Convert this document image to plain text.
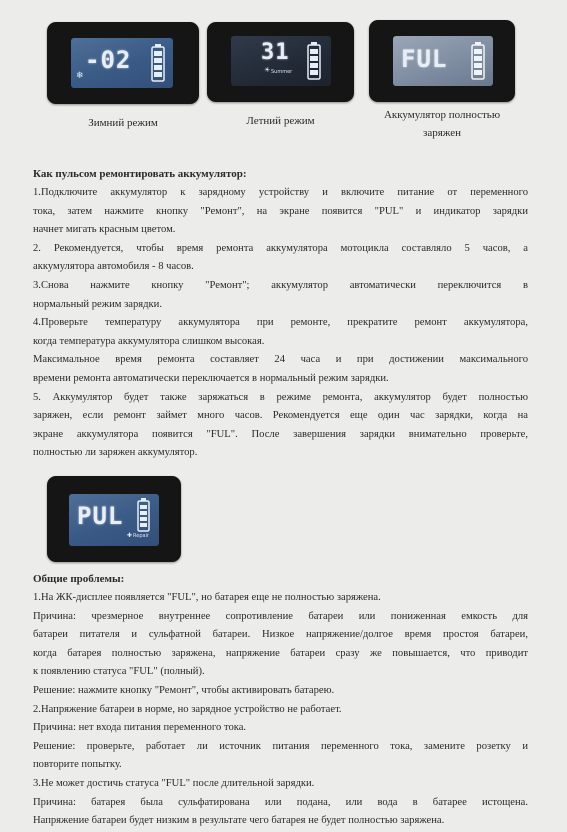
❄
-02
Зимний режим
31
☀ Summer
Летний режим
FUL
Аккумулятор полностью
заряжен
Как пульсом ремонтировать аккумулятор:
1.Подключите аккумулятор к зарядному устройству и включите питание от переменного
тока, затем нажмите кнопку "Ремонт", на экране появится "PUL" и индикатор зарядки
начнет мигать красным цветом.
2. Рекомендуется, чтобы время ремонта аккумулятора мотоцикла составляло 5 часов, а
аккумулятора автомобиля - 8 часов.
3.Снова нажмите кнопку "Ремонт"; аккумулятор автоматически переключится в
нормальный режим зарядки.
4.Проверьте температуру аккумулятора при ремонте, прекратите ремонт аккумулятора,
когда температура аккумулятора слишком высокая.
Максимальное время ремонта составляет 24 часа и при достижении максимального
времени ремонта автоматически переключается в нормальный режим зарядки.
5. Аккумулятор будет также заряжаться в режиме ремонта, аккумулятор будет полностью
заряжен, если ремонт займет много часов. Рекомендуется еще один час зарядки, когда на
экране аккумулятора появится "FUL". После завершения зарядки внимательно проверьте,
полностью ли заряжен аккумулятор.
PUL
✚ Repair
Общие проблемы:
1.На ЖК-дисплее появляется "FUL", но батарея еще не полностью заряжена.
Причина: чрезмерное внутреннее сопротивление батареи или пониженная емкость для
батареи питателя и сульфатной батареи. Низкое напряжение/долгое время простоя батареи,
когда батарея полностью заряжена, напряжение батареи сразу же повышается, что приводит
к появлению статуса "FUL" (полный).
Решение: нажмите кнопку "Ремонт", чтобы активировать батарею.
2.Напряжение батареи в норме, но зарядное устройство не работает.
Причина: нет входа питания переменного тока.
Решение: проверьте, работает ли источник питания переменного тока, замените розетку и
повторите попытку.
3.Не может достичь статуса "FUL" после длительной зарядки.
Причина: батарея была сульфатирована или подана, или вода в батарее истощена.
Напряжение батареи будет низким в результате чего батарея не будет полностью заряжена.
